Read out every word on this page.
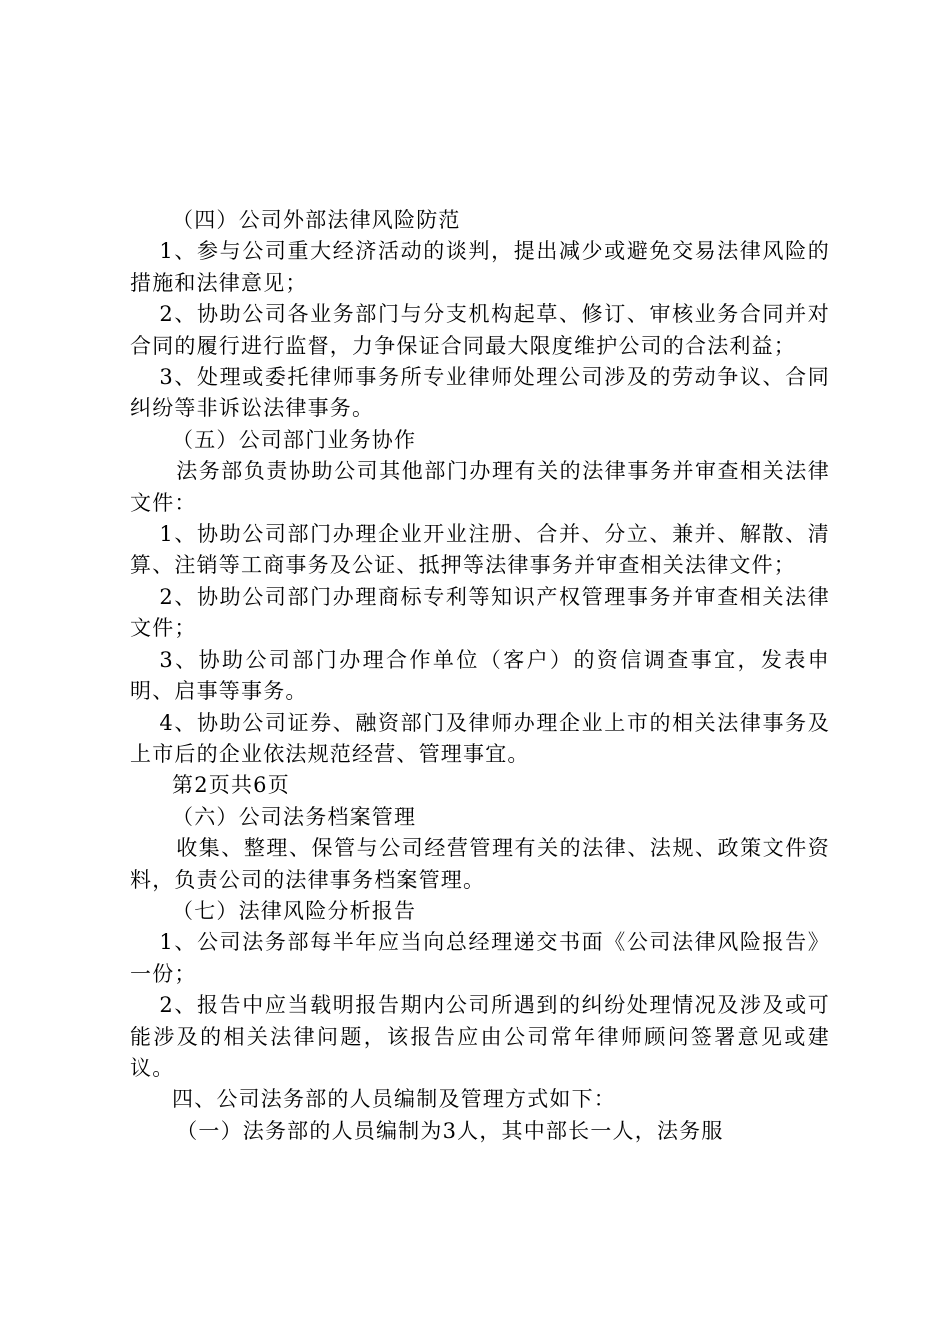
（四）公司外部法律风险防范

1、参与公司重大经济活动的谈判，提出减少或避免交易法律风险的措施和法律意见；

2、协助公司各业务部门与分支机构起草、修订、审核业务合同并对合同的履行进行监督，力争保证合同最大限度维护公司的合法利益；

3、处理或委托律师事务所专业律师处理公司涉及的劳动争议、合同纠纷等非诉讼法律事务。

（五）公司部门业务协作

法务部负责协助公司其他部门办理有关的法律事务并审查相关法律文件：

1、协助公司部门办理企业开业注册、合并、分立、兼并、解散、清算、注销等工商事务及公证、抵押等法律事务并审查相关法律文件；

2、协助公司部门办理商标专利等知识产权管理事务并审查相关法律文件；

3、协助公司部门办理合作单位（客户）的资信调查事宜，发表申明、启事等事务。

4、协助公司证券、融资部门及律师办理企业上市的相关法律事务及上市后的企业依法规范经营、管理事宜。

第2页共6页

（六）公司法务档案管理

收集、整理、保管与公司经营管理有关的法律、法规、政策文件资料，负责公司的法律事务档案管理。

（七）法律风险分析报告

1、公司法务部每半年应当向总经理递交书面《公司法律风险报告》一份；

2、报告中应当载明报告期内公司所遇到的纠纷处理情况及涉及或可能涉及的相关法律问题，该报告应由公司常年律师顾问签署意见或建议。

四、公司法务部的人员编制及管理方式如下：

（一）法务部的人员编制为3人，其中部长一人，法务服
